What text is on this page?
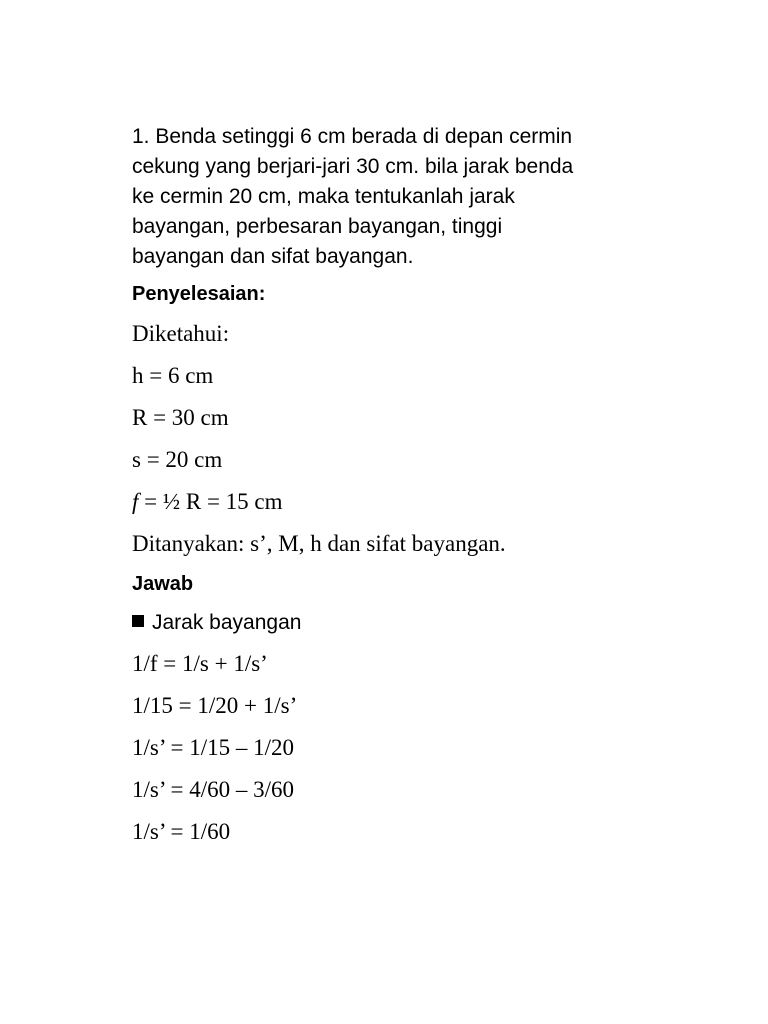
1. Benda setinggi 6 cm berada di depan cermin
cekung yang berjari-jari 30 cm. bila jarak benda
ke cermin 20 cm, maka tentukanlah jarak
bayangan, perbesaran bayangan, tinggi
bayangan dan sifat bayangan.
Penyelesaian:
Diketahui:
h = 6 cm
R = 30 cm
s = 20 cm
f = ½ R = 15 cm
Ditanyakan: s’, M, h dan sifat bayangan.
Jawab
Jarak bayangan
1/f = 1/s + 1/s’
1/15 = 1/20 + 1/s’
1/s’ = 1/15 – 1/20
1/s’ = 4/60 – 3/60
1/s’ = 1/60
